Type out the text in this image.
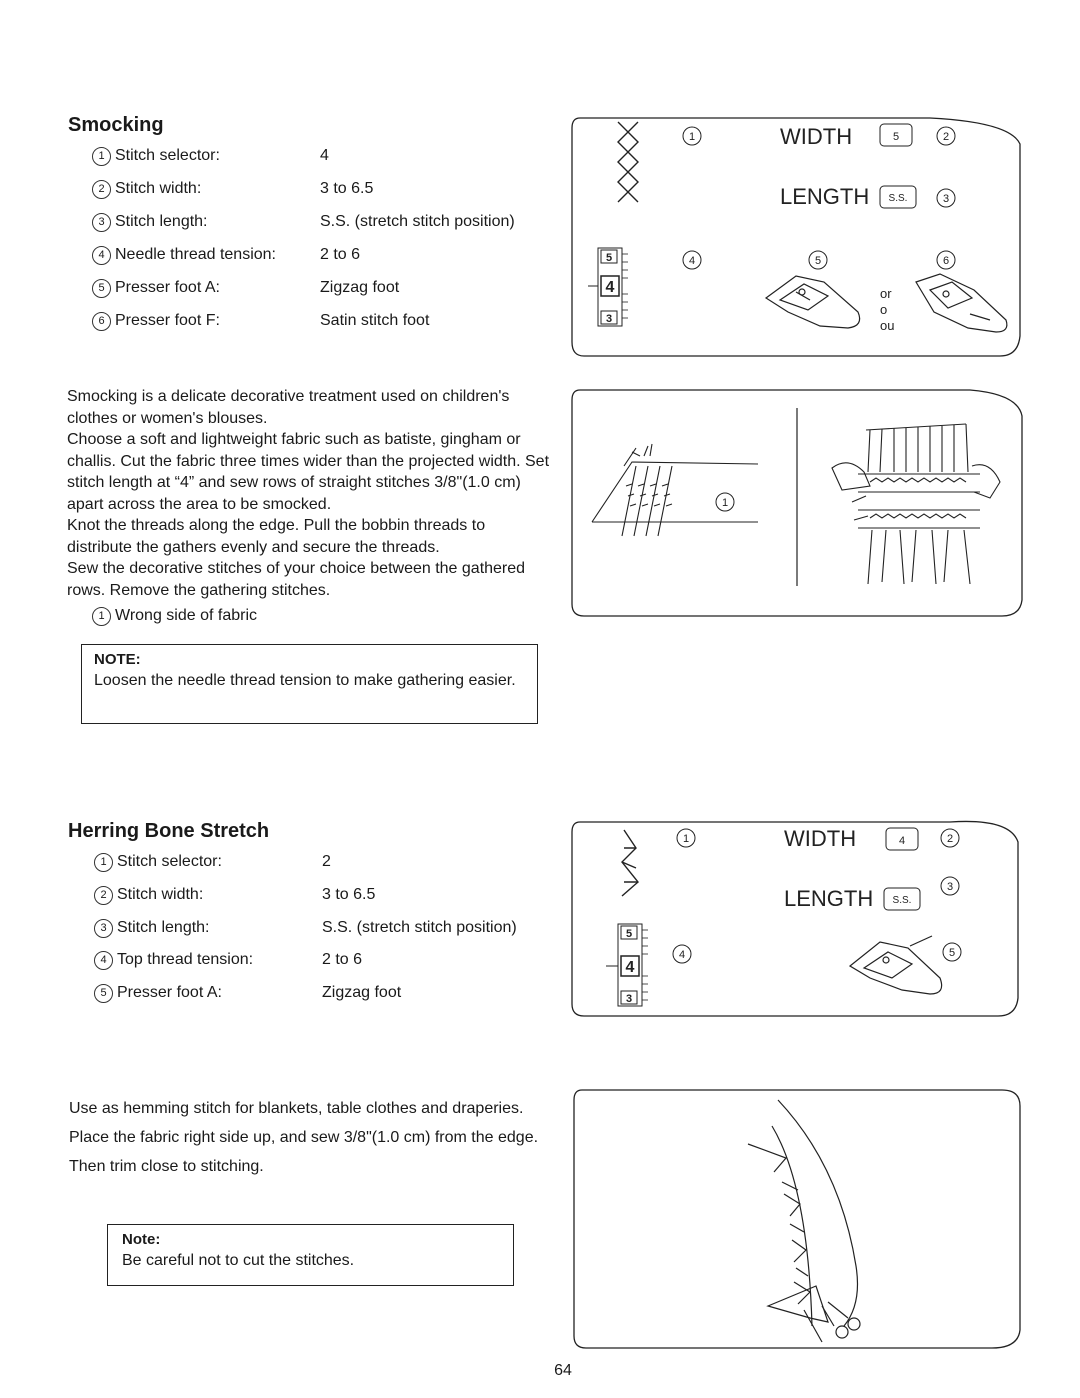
Smocking
1 Stitch selector:	4
2 Stitch width:	3 to 6.5
3 Stitch length:	S.S. (stretch stitch position)
4 Needle thread tension:	2 to 6
5 Presser foot A:	Zigzag foot
6 Presser foot F:	Satin stitch foot

Smocking is a delicate decorative treatment used on children's clothes or women's blouses.

Choose a soft and lightweight fabric such as batiste, gingham or challis. Cut the fabric three times wider than the projected width. Set stitch length at “4” and sew rows of straight stitches 3/8"(1.0 cm) apart across the area to be smocked.

Knot the threads along the edge. Pull the bobbin threads to distribute the gathers evenly and secure the threads.

Sew the decorative stitches of your choice between the gathered rows. Remove the gathering stitches.

1 Wrong side of fabric
NOTE:
Loosen the needle thread tension to make gathering easier.
1	WIDTH	5	2
LENGTH S.S.	3
5
4
3
4	5	6
or
o
ou
1
Herring Bone Stretch
1 Stitch selector:	2
2 Stitch width:	3 to 6.5
3 Stitch length:	S.S. (stretch stitch position)
4 Top thread tension:	2 to 6
5 Presser foot A:	Zigzag foot

Use as hemming stitch for blankets, table clothes and draperies.

Place the fabric right side up, and sew 3/8"(1.0 cm) from the edge. Then trim close to stitching.

Note:
Be careful not to cut the stitches.
1	WIDTH	4	2
LENGTH S.S.
3
5
4
3
4	5
64
